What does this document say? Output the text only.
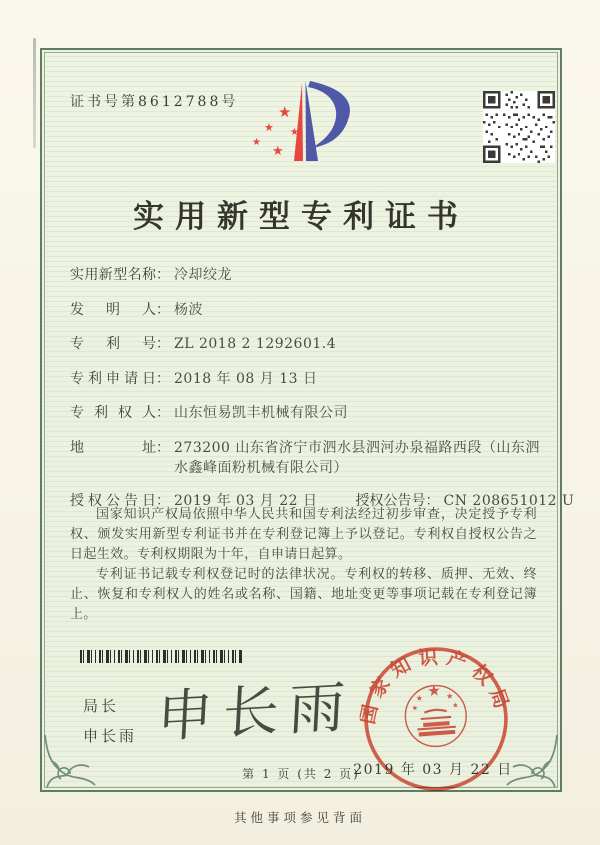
证书号第8612788号
★
★
★
★
★
实用新型专利证书
实用新型名称： 冷却绞龙
发明人： 杨波
专利号： ZL 2018 2 1292601.4
专利申请日： 2018 年 08 月 13 日
专利权人： 山东恒易凯丰机械有限公司
地址： 273200 山东省济宁市泗水县泗河办泉福路西段（山东泗
水鑫峰面粉机械有限公司）
授权公告日： 2019 年 03 月 22 日	授权公告号： CN 208651012 U

国家知识产权局依照中华人民共和国专利法经过初步审查，决定授予专利权、颁发实用新型专利证书并在专利登记簿上予以登记。专利权自授权公告之日起生效。专利权期限为十年，自申请日起算。

专利证书记载专利权登记时的法律状况。专利权的转移、质押、无效、终止、恢复和专利权人的姓名或名称、国籍、地址变更等事项记载在专利登记簿上。

局长
申长雨 申长雨 国家知识产权局
★
★	★
★	★
2019 年 03 月 22 日
第 1 页 (共 2 页)
其他事项参见背面
